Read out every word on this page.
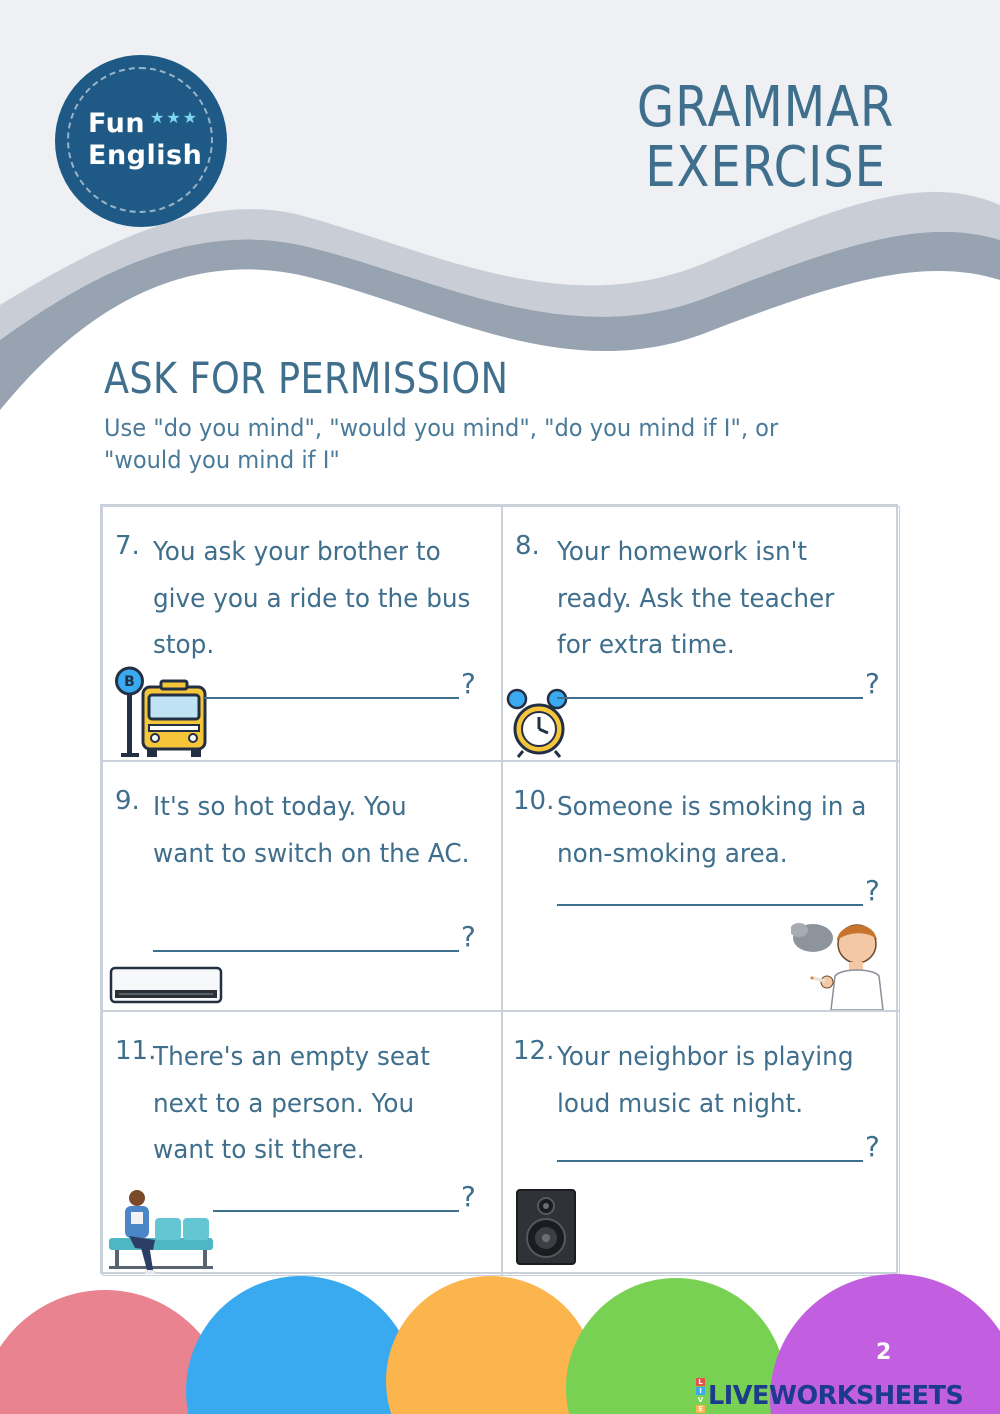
Fun ★★★
English
GRAMMAR
EXERCISE
ASK FOR PERMISSION
Use "do you mind", "would you mind", "do you mind if I", or "would you mind if I"
7. You ask your brother to give you a ride to the bus stop.
B	?
8. Your homework isn't ready. Ask the teacher for extra time.
?
9. It's so hot today. You want to switch on the AC.
?
10. Someone is smoking in a non-smoking area.
?
11.
There's an empty seat next to a person. You want to sit there.
?
12. Your neighbor is playing loud music at night.
?
2
L
I
V
E LIVEWORKSHEETS
